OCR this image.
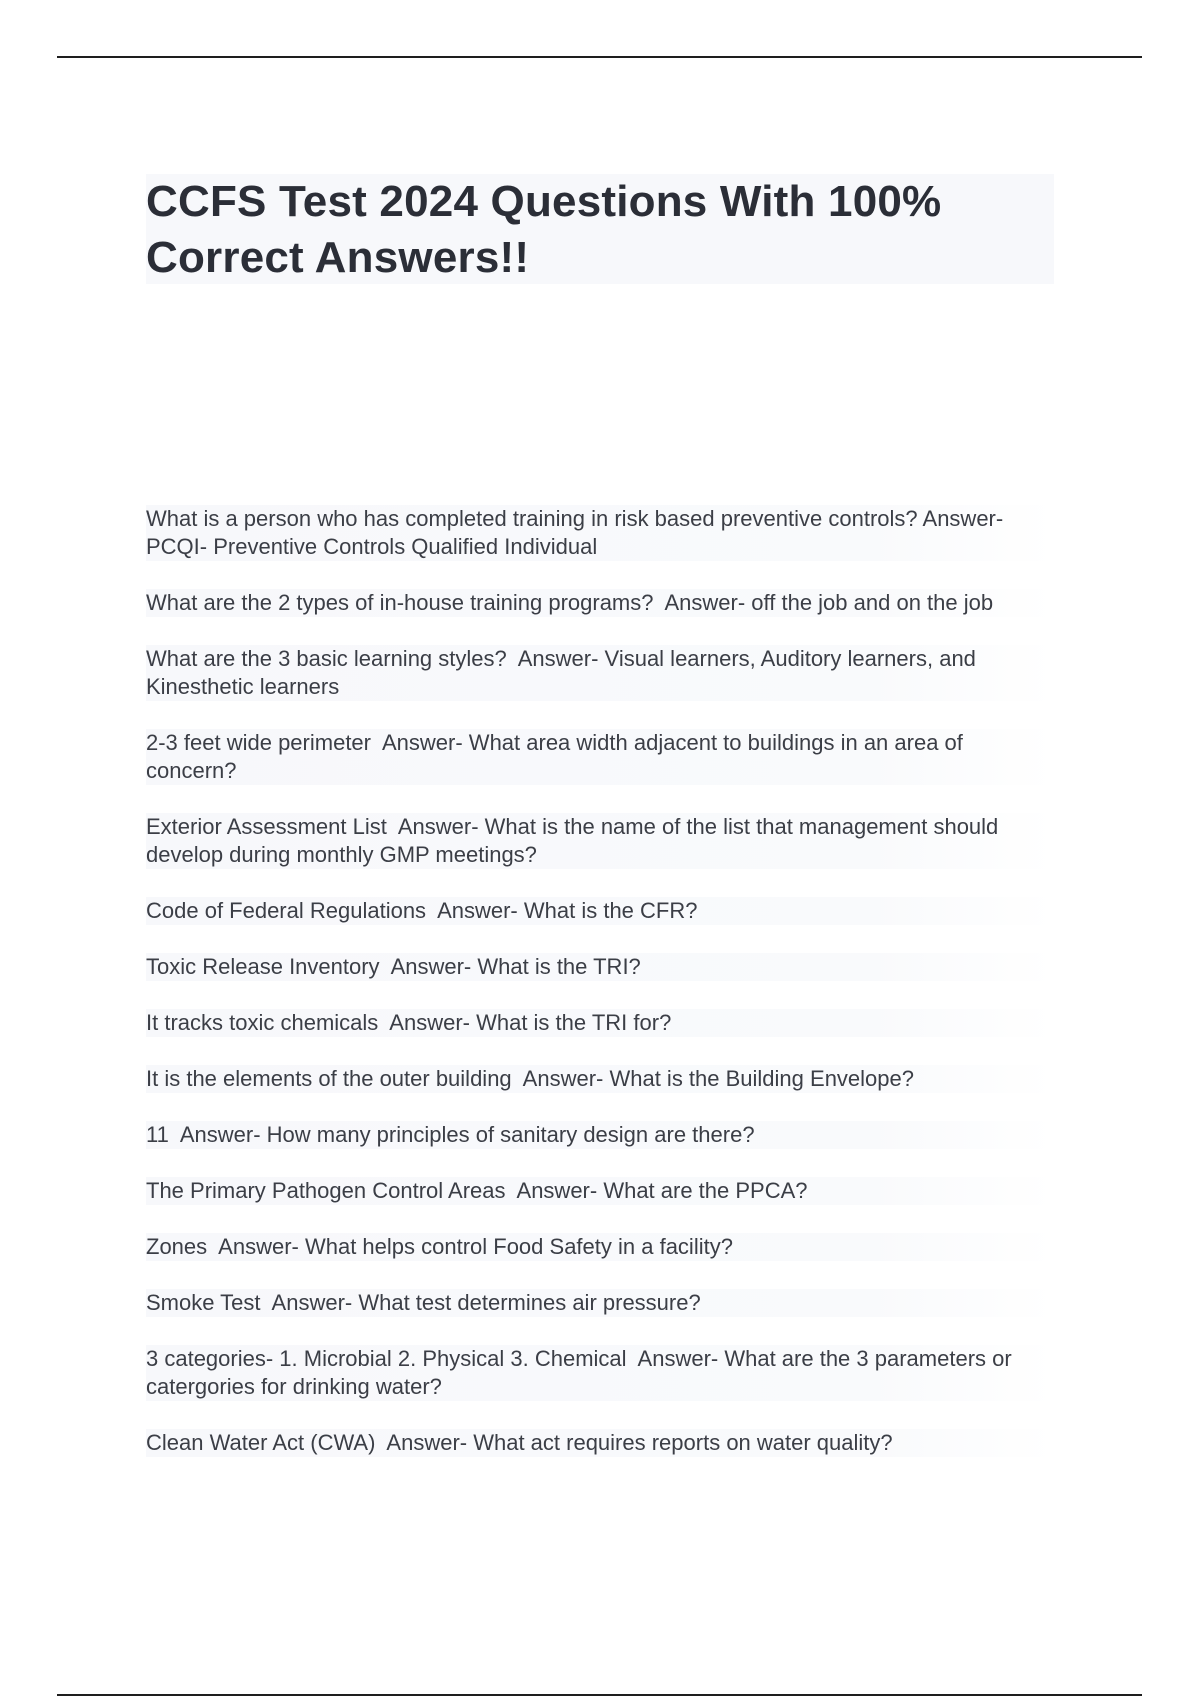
CCFS Test 2024 Questions With 100% Correct Answers!!
What is a person who has completed training in risk based preventive controls? Answer- PCQI- Preventive Controls Qualified Individual
What are the 2 types of in-house training programs?  Answer- off the job and on the job
What are the 3 basic learning styles?  Answer- Visual learners, Auditory learners, and Kinesthetic learners
2-3 feet wide perimeter  Answer- What area width adjacent to buildings in an area of concern?
Exterior Assessment List  Answer- What is the name of the list that management should develop during monthly GMP meetings?
Code of Federal Regulations  Answer- What is the CFR?
Toxic Release Inventory  Answer- What is the TRI?
It tracks toxic chemicals  Answer- What is the TRI for?
It is the elements of the outer building  Answer- What is the Building Envelope?
11  Answer- How many principles of sanitary design are there?
The Primary Pathogen Control Areas  Answer- What are the PPCA?
Zones  Answer- What helps control Food Safety in a facility?
Smoke Test  Answer- What test determines air pressure?
3 categories- 1. Microbial 2. Physical 3. Chemical  Answer- What are the 3 parameters or catergories for drinking water?
Clean Water Act (CWA)  Answer- What act requires reports on water quality?
